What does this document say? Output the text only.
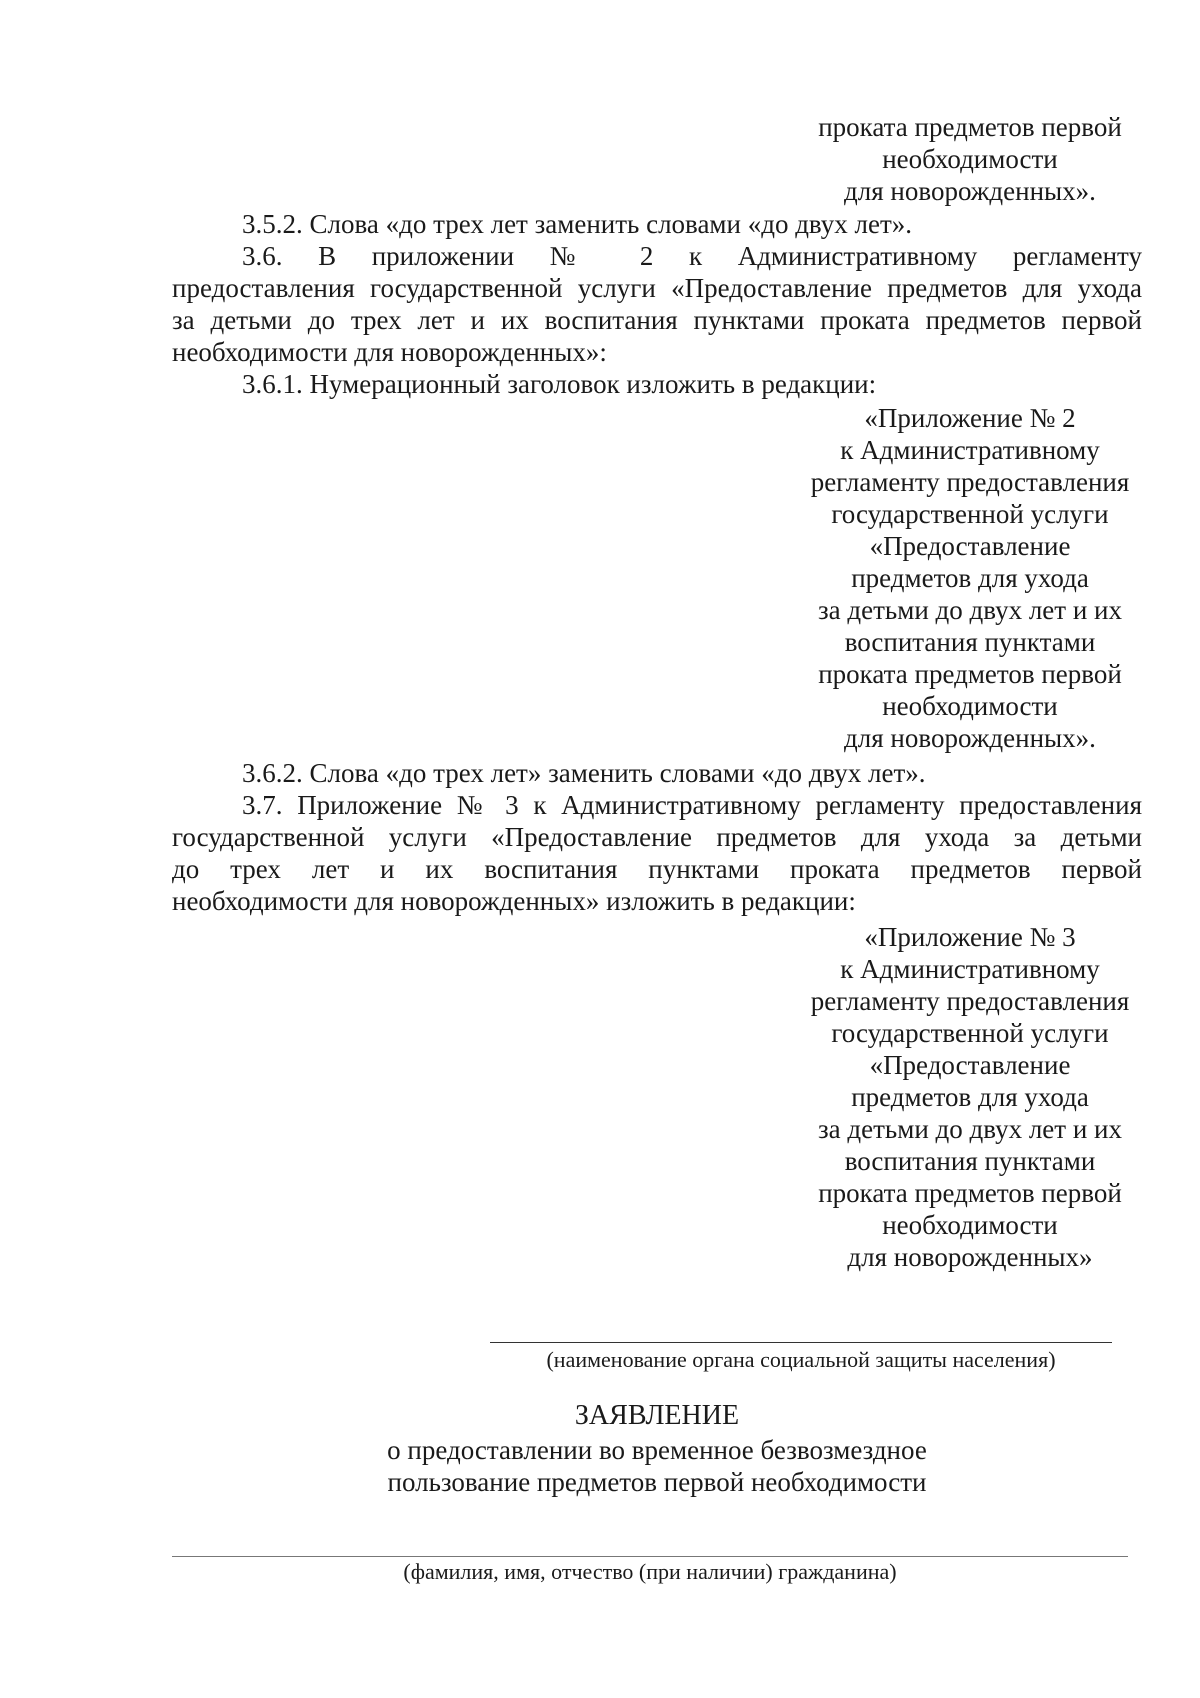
проката предметов первой

необходимости

для новорожденных».

3.5.2. Слова «до трех лет заменить словами «до двух лет».

3.6. В приложении № 2 к Административному регламенту

предоставления государственной услуги «Предоставление предметов для ухода

за детьми до трех лет и их воспитания пунктами проката предметов первой

необходимости для новорожденных»:

3.6.1. Нумерационный заголовок изложить в редакции:

«Приложение № 2

к Административному

регламенту предоставления

государственной услуги

«Предоставление

предметов для ухода

за детьми до двух лет и их

воспитания пунктами

проката предметов первой

необходимости

для новорожденных».

3.6.2. Слова «до трех лет» заменить словами «до двух лет».

3.7. Приложение № 3 к Административному регламенту предоставления

государственной услуги «Предоставление предметов для ухода за детьми

до трех лет и их воспитания пунктами проката предметов первой

необходимости для новорожденных» изложить в редакции:

«Приложение № 3

к Административному

регламенту предоставления

государственной услуги

«Предоставление

предметов для ухода

за детьми до двух лет и их

воспитания пунктами

проката предметов первой

необходимости

для новорожденных»

(наименование органа социальной защиты населения)

ЗАЯВЛЕНИЕ

о предоставлении во временное безвозмездное

пользование предметов первой необходимости

(фамилия, имя, отчество (при наличии) гражданина)
